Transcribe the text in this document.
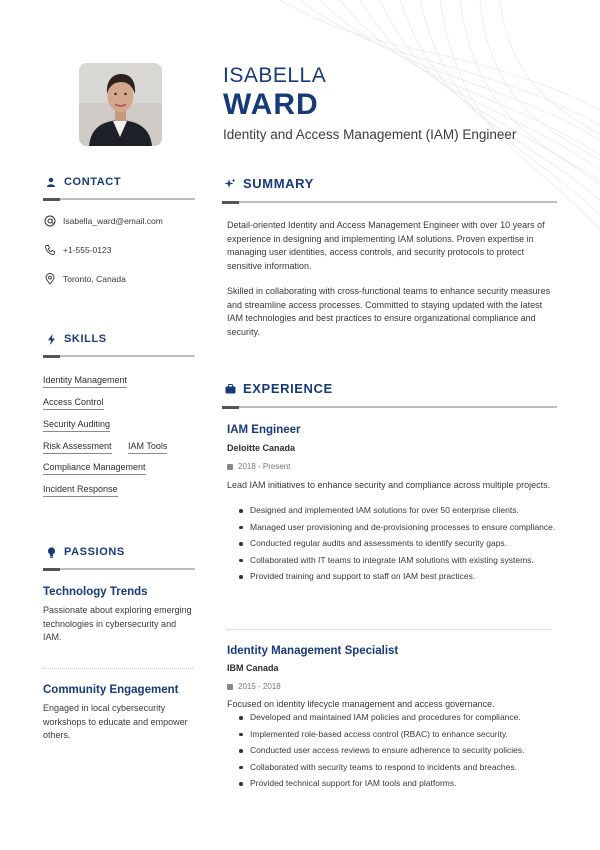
ISABELLA
WARD
Identity and Access Management (IAM) Engineer
CONTACT
Isabella_ward@email.com
+1-555-0123
Toronto, Canada
SKILLS
Identity Management
Access Control
Security Auditing
Risk Assessment IAM Tools
Compliance Management
Incident Response
PASSIONS
Technology Trends
Passionate about exploring emerging technologies in cybersecurity and IAM.
Community Engagement
Engaged in local cybersecurity workshops to educate and empower others.
SUMMARY

Detail-oriented Identity and Access Management Engineer with over 10 years of experience in designing and implementing IAM solutions. Proven expertise in managing user identities, access controls, and security protocols to protect sensitive information.

Skilled in collaborating with cross-functional teams to enhance security measures and streamline access processes. Committed to staying updated with the latest IAM technologies and best practices to ensure organizational compliance and security.

EXPERIENCE
IAM Engineer
Deloitte Canada
2018 - Present

Lead IAM initiatives to enhance security and compliance across multiple projects.

Designed and implemented IAM solutions for over 50 enterprise clients.
Managed user provisioning and de-provisioning processes to ensure compliance.
Conducted regular audits and assessments to identify security gaps.
Collaborated with IT teams to integrate IAM solutions with existing systems.
Provided training and support to staff on IAM best practices.
Identity Management Specialist
IBM Canada
2015 - 2018

Focused on identity lifecycle management and access governance.

Developed and maintained IAM policies and procedures for compliance.
Implemented role-based access control (RBAC) to enhance security.
Conducted user access reviews to ensure adherence to security policies.
Collaborated with security teams to respond to incidents and breaches.
Provided technical support for IAM tools and platforms.
